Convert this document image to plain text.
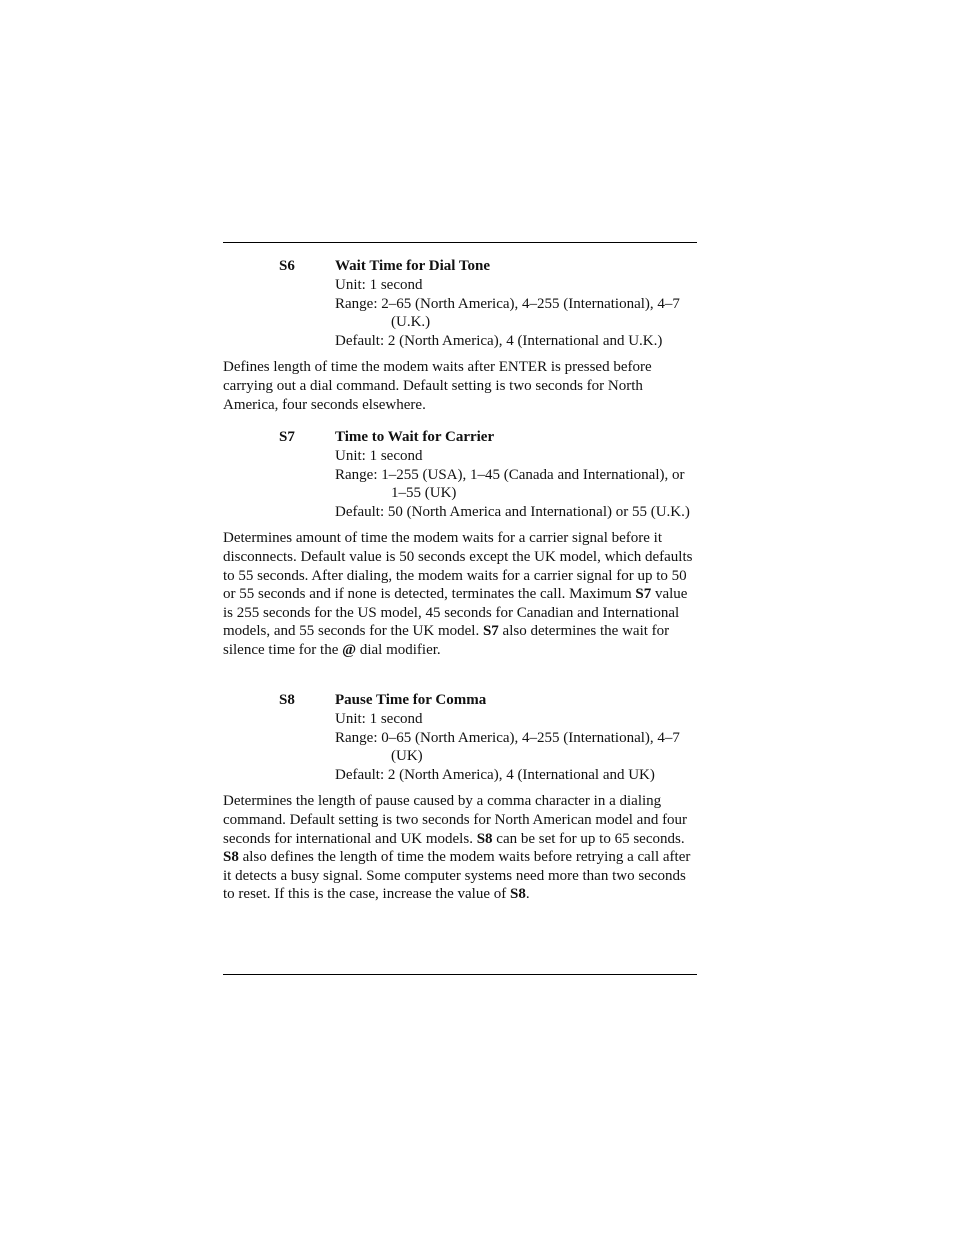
S6	Wait Time for Dial Tone
Unit: 1 second
Range: 2–65 (North America), 4–255 (International), 4–7 (U.K.)
Default: 2 (North America), 4 (International and U.K.)
Defines length of time the modem waits after ENTER is pressed before carrying out a dial command. Default setting is two seconds for North America, four seconds elsewhere.
S7	Time to Wait for Carrier
Unit: 1 second
Range: 1–255 (USA), 1–45 (Canada and International), or 1–55 (UK)
Default: 50 (North America and International) or 55 (U.K.)
Determines amount of time the modem waits for a carrier signal before it disconnects. Default value is 50 seconds except the UK model, which defaults to 55 seconds. After dialing, the modem waits for a carrier signal for up to 50 or 55 seconds and if none is detected, terminates the call. Maximum S7 value is 255 seconds for the US model, 45 seconds for Canadian and International models, and 55 seconds for the UK model. S7 also determines the wait for silence time for the @ dial modifier.
S8	Pause Time for Comma
Unit: 1 second
Range: 0–65 (North America), 4–255 (International), 4–7 (UK)
Default: 2 (North America), 4 (International and UK)
Determines the length of pause caused by a comma character in a dialing command. Default setting is two seconds for North American model and four seconds for international and UK models. S8 can be set for up to 65 seconds. S8 also defines the length of time the modem waits before retrying a call after it detects a busy signal. Some computer systems need more than two seconds to reset. If this is the case, increase the value of S8.
